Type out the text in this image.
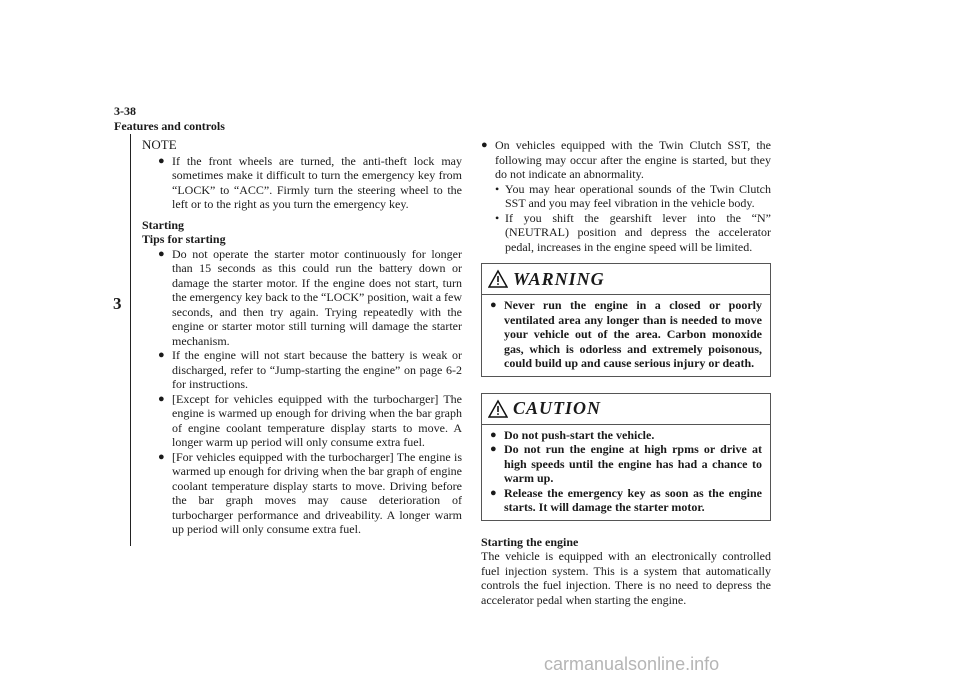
3-38
Features and controls
3
NOTE
● If the front wheels are turned, the anti-theft lock may sometimes make it difficult to turn the emergency key from “LOCK” to “ACC”. Firmly turn the steering wheel to the left or to the right as you turn the emergency key.
Starting
Tips for starting
● Do not operate the starter motor continuously for longer than 15 seconds as this could run the battery down or damage the starter motor. If the engine does not start, turn the emergency key back to the “LOCK” position, wait a few seconds, and then try again. Trying repeatedly with the engine or starter motor still turning will damage the starter mechanism.
● If the engine will not start because the battery is weak or discharged, refer to “Jump-starting the engine” on page 6-2 for instructions.
● [Except for vehicles equipped with the turbocharger] The engine is warmed up enough for driving when the bar graph of engine coolant temperature display starts to move. A longer warm up period will only consume extra fuel.
● [For vehicles equipped with the turbocharger] The engine is warmed up enough for driving when the bar graph of engine coolant temperature display starts to move. Driving before the bar graph moves may cause deterioration of turbocharger performance and driveability. A longer warm up period will only consume extra fuel.
● On vehicles equipped with the Twin Clutch SST, the following may occur after the engine is started, but they do not indicate an abnormality.
• You may hear operational sounds of the Twin Clutch SST and you may feel vibration in the vehicle body.
• If you shift the gearshift lever into the “N” (NEUTRAL) position and depress the accelerator pedal, increases in the engine speed will be limited.
WARNING
● Never run the engine in a closed or poorly ventilated area any longer than is needed to move your vehicle out of the area. Carbon monoxide gas, which is odorless and extremely poisonous, could build up and cause serious injury or death.
CAUTION
● Do not push-start the vehicle.
● Do not run the engine at high rpms or drive at high speeds until the engine has had a chance to warm up.
● Release the emergency key as soon as the engine starts. It will damage the starter motor.
Starting the engine
The vehicle is equipped with an electronically controlled fuel injection system. This is a system that automatically controls the fuel injection. There is no need to depress the accelerator pedal when starting the engine.
carmanualsonline.info
